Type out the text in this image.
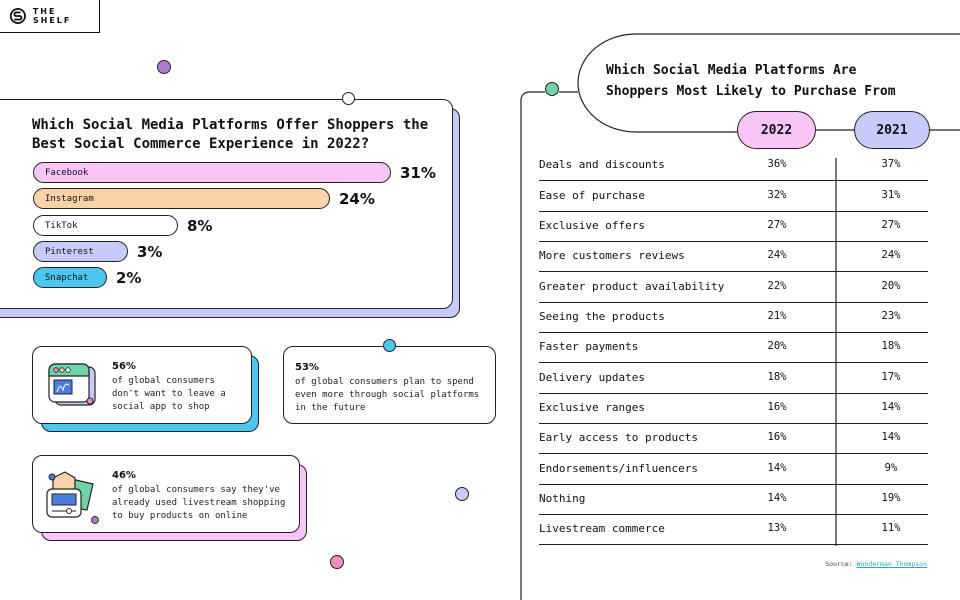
THE SHELF
Which Social Media Platforms Offer Shoppers the Best Social Commerce Experience in 2022?
Facebook	31%
Instagram	24%
TikTok	8%
Pinterest	3%
Snapchat 2%
56%
of global consumers don't want to leave a social app to shop
53%
of global consumers plan to spend even more through social platforms in the future
46%
of global consumers say they've already used livestream shopping to buy products on online
Which Social Media Platforms Are
Shoppers Most Likely to Purchase From
2022	2021
Deals and discounts	36%	37%
Ease of purchase	32%	31%
Exclusive offers	27%	27%
More customers reviews	24%	24%
Greater product availability	22%	20%
Seeing the products	21%	23%
Faster payments	20%	18%
Delivery updates	18%	17%
Exclusive ranges	16%	14%
Early access to products	16%	14%
Endorsements/influencers	14%	9%
Nothing	14%	19%
Livestream commerce	13%	11%
Source: Wunderman Thompson
